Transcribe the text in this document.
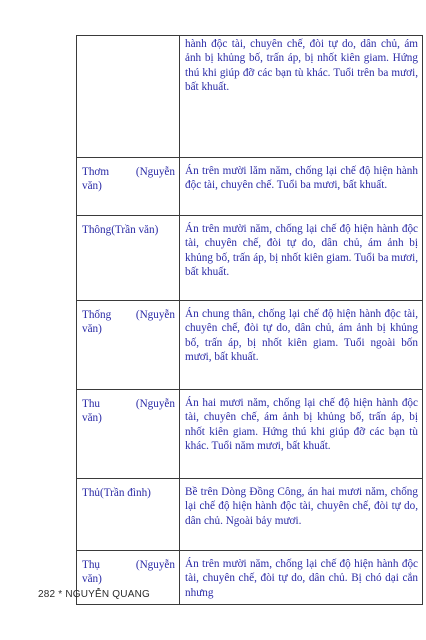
	hành độc tài, chuyên chế, đòi tự do, dân chủ, ám ảnh bị khủng bố, trấn áp, bị nhốt kiên giam. Hứng thú khi giúp đỡ các bạn tù khác. Tuổi trên ba mươi, bất khuất.

Thơm (Nguyễn
văn)	Án trên mười lăm năm, chống lại chế độ hiện hành độc tài, chuyên chế. Tuổi ba mươi, bất khuất.

Thông(Trần văn)	Án trên mười năm, chống lại chế độ hiện hành độc tài, chuyên chế, đòi tự do, dân chủ, ám ảnh bị khủng bố, trấn áp, bị nhốt kiên giam. Tuổi ba mươi, bất khuất.

Thống (Nguyễn
văn)	Án chung thân, chống lại chế độ hiện hành độc tài, chuyên chế, đòi tự do, dân chủ, ám ảnh bị khủng bố, trấn áp, bị nhốt kiên giam. Tuổi ngoài bốn mươi, bất khuất.

Thu (Nguyễn
văn)	Án hai mươi năm, chống lại chế độ hiện hành độc tài, chuyên chế, ám ảnh bị khủng bố, trấn áp, bị nhốt kiên giam. Hứng thú khi giúp đỡ các bạn tù khác. Tuổi năm mươi, bất khuất.

Thủ(Trần đình)	Bề trên Dòng Đồng Công, án hai mươi năm, chống lại chế độ hiện hành độc tài, chuyên chế, đòi tự do, dân chủ. Ngoài bảy mươi.

Thụ (Nguyễn
văn)	Án trên mười năm, chống lại chế độ hiện hành độc tài, chuyên chế, đòi tự do, dân chủ. Bị chó dại cắn nhưng
282 * NGUYỄN QUANG
